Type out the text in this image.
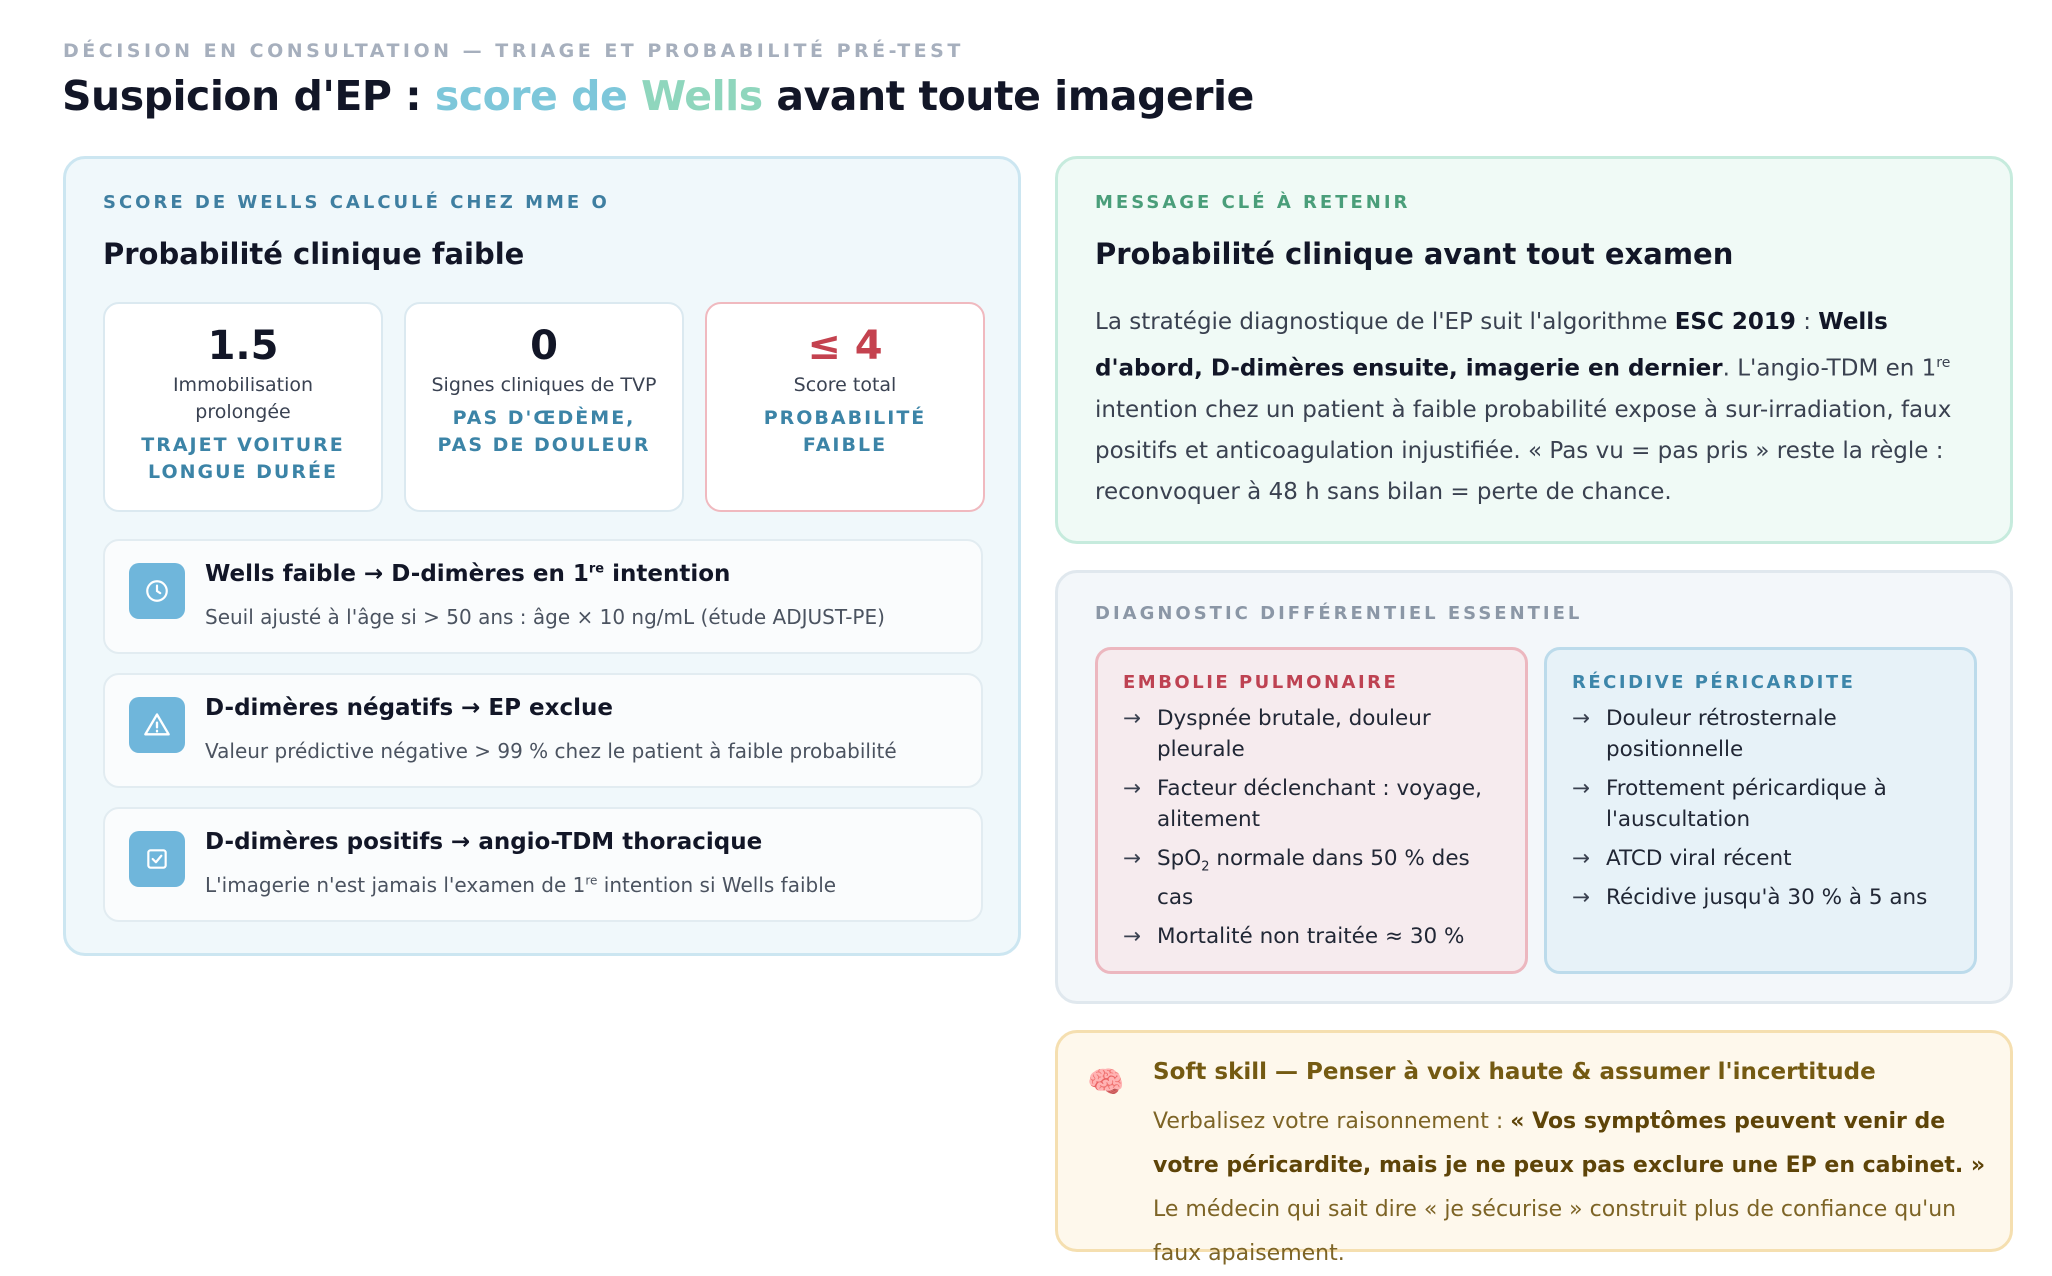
DÉCISION EN CONSULTATION — TRIAGE ET PROBABILITÉ PRÉ-TEST
Suspicion d'EP : score de Wells avant toute imagerie
SCORE DE WELLS CALCULÉ CHEZ MME O
Probabilité clinique faible
1.5
Immobilisation prolongée
TRAJET VOITURE LONGUE DURÉE
0
Signes cliniques de TVP
PAS D'ŒDÈME, PAS DE DOULEUR
≤ 4
Score total
PROBABILITÉ FAIBLE
Wells faible → D-dimères en 1re intention
Seuil ajusté à l'âge si > 50 ans : âge × 10 ng/mL (étude ADJUST-PE)
D-dimères négatifs → EP exclue
Valeur prédictive négative > 99 % chez le patient à faible probabilité
D-dimères positifs → angio-TDM thoracique
L'imagerie n'est jamais l'examen de 1re intention si Wells faible
MESSAGE CLÉ À RETENIR
Probabilité clinique avant tout examen
La stratégie diagnostique de l'EP suit l'algorithme ESC 2019 : Wells d'abord, D-dimères ensuite, imagerie en dernier. L'angio-TDM en 1re intention chez un patient à faible probabilité expose à sur-irradiation, faux positifs et anticoagulation injustifiée. « Pas vu = pas pris » reste la règle : reconvoquer à 48 h sans bilan = perte de chance.
DIAGNOSTIC DIFFÉRENTIEL ESSENTIEL
EMBOLIE PULMONAIRE
→ Dyspnée brutale, douleur pleurale
→ Facteur déclenchant : voyage, alitement
→ SpO$_2$ normale dans 50 % des cas
→ Mortalité non traitée ≈ 30 %
RÉCIDIVE PÉRICARDITE
→ Douleur rétrosternale positionnelle
→ Frottement péricardique à l'auscultation
→ ATCD viral récent
→ Récidive jusqu'à 30 % à 5 ans
🧠 Soft skill — Penser à voix haute & assumer l'incertitude
Verbalisez votre raisonnement : « Vos symptômes peuvent venir de votre péricardite, mais je ne peux pas exclure une EP en cabinet. » Le médecin qui sait dire « je sécurise » construit plus de confiance qu'un faux apaisement.
